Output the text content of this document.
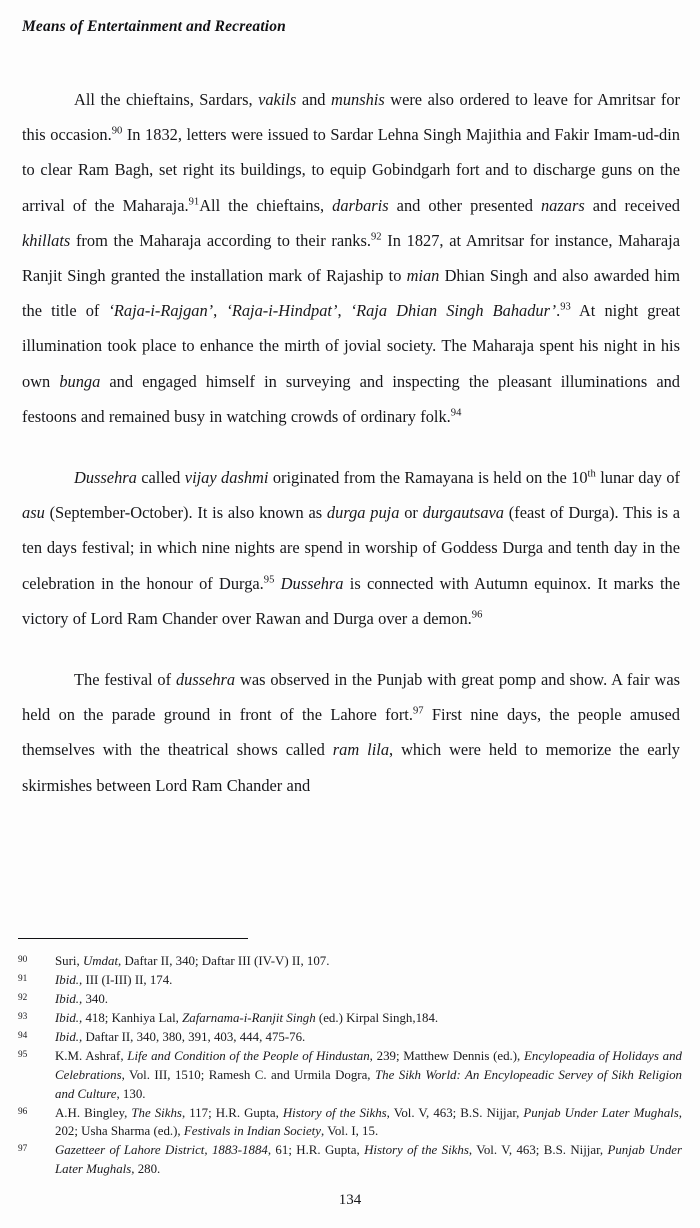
Means of Entertainment and Recreation

All the chieftains, Sardars, vakils and munshis were also ordered to leave for Amritsar for this occasion.$^{90}$ In 1832, letters were issued to Sardar Lehna Singh Majithia and Fakir Imam-ud-din to clear Ram Bagh, set right its buildings, to equip Gobindgarh fort and to discharge guns on the arrival of the Maharaja.$^{91}$All the chieftains, darbaris and other presented nazars and received khillats from the Maharaja according to their ranks.$^{92}$ In 1827, at Amritsar for instance, Maharaja Ranjit Singh granted the installation mark of Rajaship to mian Dhian Singh and also awarded him the title of ‘Raja-i-Rajgan’, ‘Raja-i-Hindpat’, ‘Raja Dhian Singh Bahadur’.$^{93}$ At night great illumination took place to enhance the mirth of jovial society. The Maharaja spent his night in his own bunga and engaged himself in surveying and inspecting the pleasant illuminations and festoons and remained busy in watching crowds of ordinary folk.$^{94}$

Dussehra called vijay dashmi originated from the Ramayana is held on the 10th lunar day of asu (September-October). It is also known as durga puja or durgautsava (feast of Durga). This is a ten days festival; in which nine nights are spend in worship of Goddess Durga and tenth day in the celebration in the honour of Durga.$^{95}$ Dussehra is connected with Autumn equinox. It marks the victory of Lord Ram Chander over Rawan and Durga over a demon.$^{96}$

The festival of dussehra was observed in the Punjab with great pomp and show. A fair was held on the parade ground in front of the Lahore fort.$^{97}$ First nine days, the people amused themselves with the theatrical shows called ram lila, which were held to memorize the early skirmishes between Lord Ram Chander and

90	Suri, Umdat, Daftar II, 340; Daftar III (IV-V) II, 107.
91	Ibid., III (I-III) II, 174.
92	Ibid., 340.
93	Ibid., 418; Kanhiya Lal, Zafarnama-i-Ranjit Singh (ed.) Kirpal Singh,184.
94	Ibid., Daftar II, 340, 380, 391, 403, 444, 475-76.
95	K.M. Ashraf, Life and Condition of the People of Hindustan, 239; Matthew Dennis (ed.), Encylopeadia of Holidays and Celebrations, Vol. III, 1510; Ramesh C. and Urmila Dogra, The Sikh World: An Encylopeadic Servey of Sikh Religion and Culture, 130.
96	A.H. Bingley, The Sikhs, 117; H.R. Gupta, History of the Sikhs, Vol. V, 463; B.S. Nijjar, Punjab Under Later Mughals, 202; Usha Sharma (ed.), Festivals in Indian Society, Vol. I, 15.
97	Gazetteer of Lahore District, 1883-1884, 61; H.R. Gupta, History of the Sikhs, Vol. V, 463; B.S. Nijjar, Punjab Under Later Mughals, 280.
134
